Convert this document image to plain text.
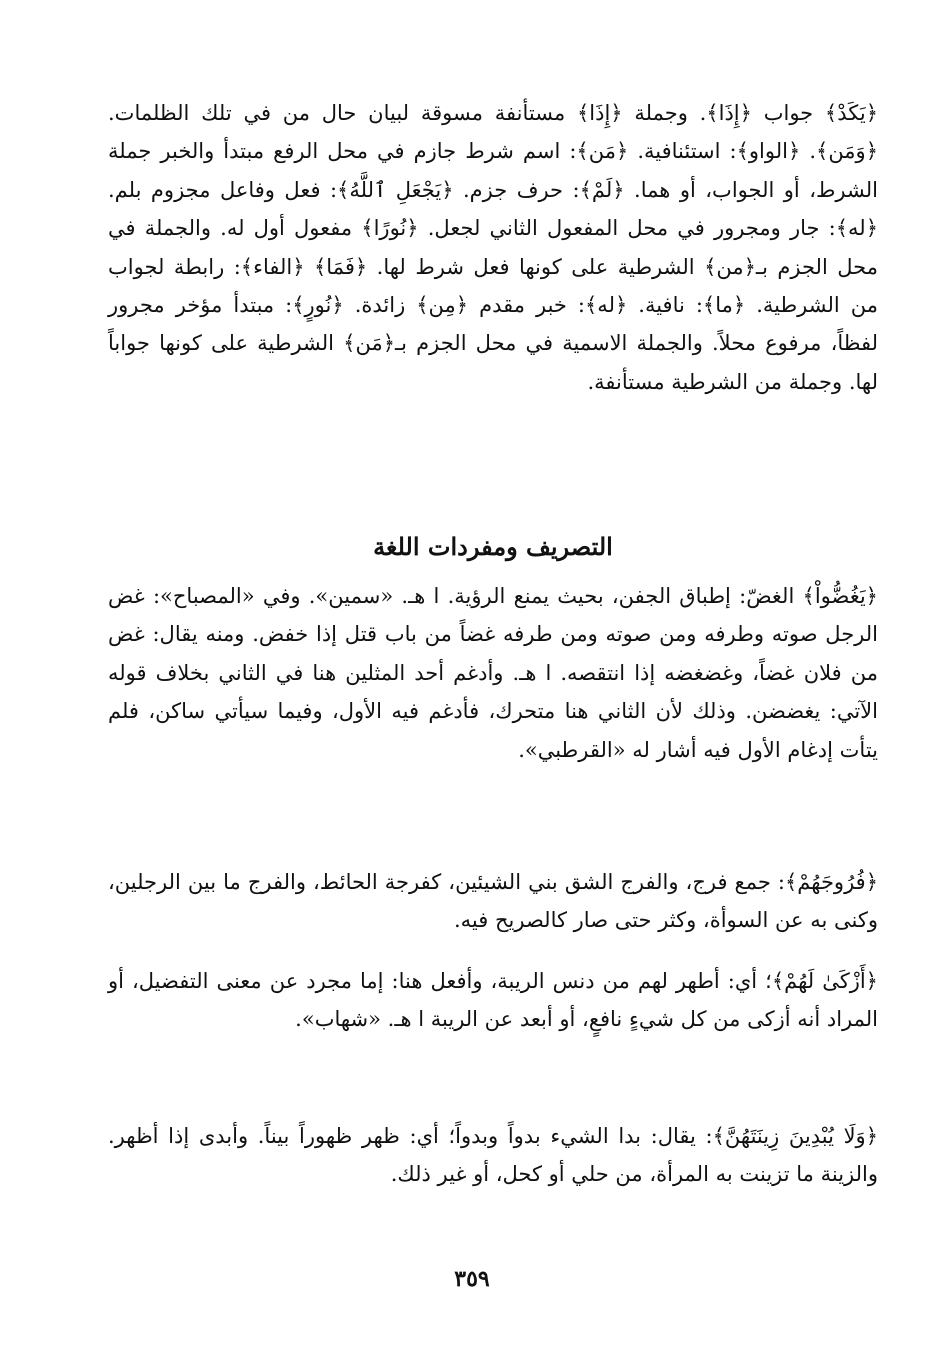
﴿يَكَدْ﴾ جواب ﴿إِذَا﴾. وجملة ﴿إِذَا﴾ مستأنفة مسوقة لبيان حال من في تلك الظلمات. ﴿وَمَن﴾. ﴿الواو﴾: استئنافية. ﴿مَن﴾: اسم شرط جازم في محل الرفع مبتدأ والخبر جملة الشرط، أو الجواب، أو هما. ﴿لَمْ﴾: حرف جزم. ﴿يَجْعَلِ ٱللَّهُ﴾: فعل وفاعل مجزوم بلم. ﴿له﴾: جار ومجرور في محل المفعول الثاني لجعل. ﴿نُورًا﴾ مفعول أول له. والجملة في محل الجزم بـ﴿من﴾ الشرطية على كونها فعل شرط لها. ﴿فَمَا﴾ ﴿الفاء﴾: رابطة لجواب من الشرطية. ﴿ما﴾: نافية. ﴿له﴾: خبر مقدم ﴿مِن﴾ زائدة. ﴿نُورٍ﴾: مبتدأ مؤخر مجرور لفظاً، مرفوع محلاً. والجملة الاسمية في محل الجزم بـ﴿مَن﴾ الشرطية على كونها جواباً لها. وجملة من الشرطية مستأنفة.

التصريف ومفردات اللغة

﴿يَغُضُّواْ﴾ الغضّ: إطباق الجفن، بحيث يمنع الرؤية. ا هـ. «سمين». وفي «المصباح»: غض الرجل صوته وطرفه ومن صوته ومن طرفه غضاً من باب قتل إذا خفض. ومنه يقال: غض من فلان غضاً، وغضغضه إذا انتقصه. ا هـ. وأدغم أحد المثلين هنا في الثاني بخلاف قوله الآتي: يغضضن. وذلك لأن الثاني هنا متحرك، فأدغم فيه الأول، وفيما سيأتي ساكن، فلم يتأت إدغام الأول فيه أشار له «القرطبي».

﴿فُرُوجَهُمْ﴾: جمع فرج، والفرج الشق بني الشيئين، كفرجة الحائط، والفرج ما بين الرجلين، وكنى به عن السوأة، وكثر حتى صار كالصريح فيه.

﴿أَزْكَىٰ لَهُمْ﴾؛ أي: أطهر لهم من دنس الريبة، وأفعل هنا: إما مجرد عن معنى التفضيل، أو المراد أنه أزكى من كل شيءٍ نافعٍ، أو أبعد عن الريبة ا هـ. «شهاب».

﴿وَلَا يُبْدِينَ زِينَتَهُنَّ﴾: يقال: بدا الشيء بدواً وبدواً؛ أي: ظهر ظهوراً بيناً. وأبدى إذا أظهر. والزينة ما تزينت به المرأة، من حلي أو كحل، أو غير ذلك.

٣٥٩
